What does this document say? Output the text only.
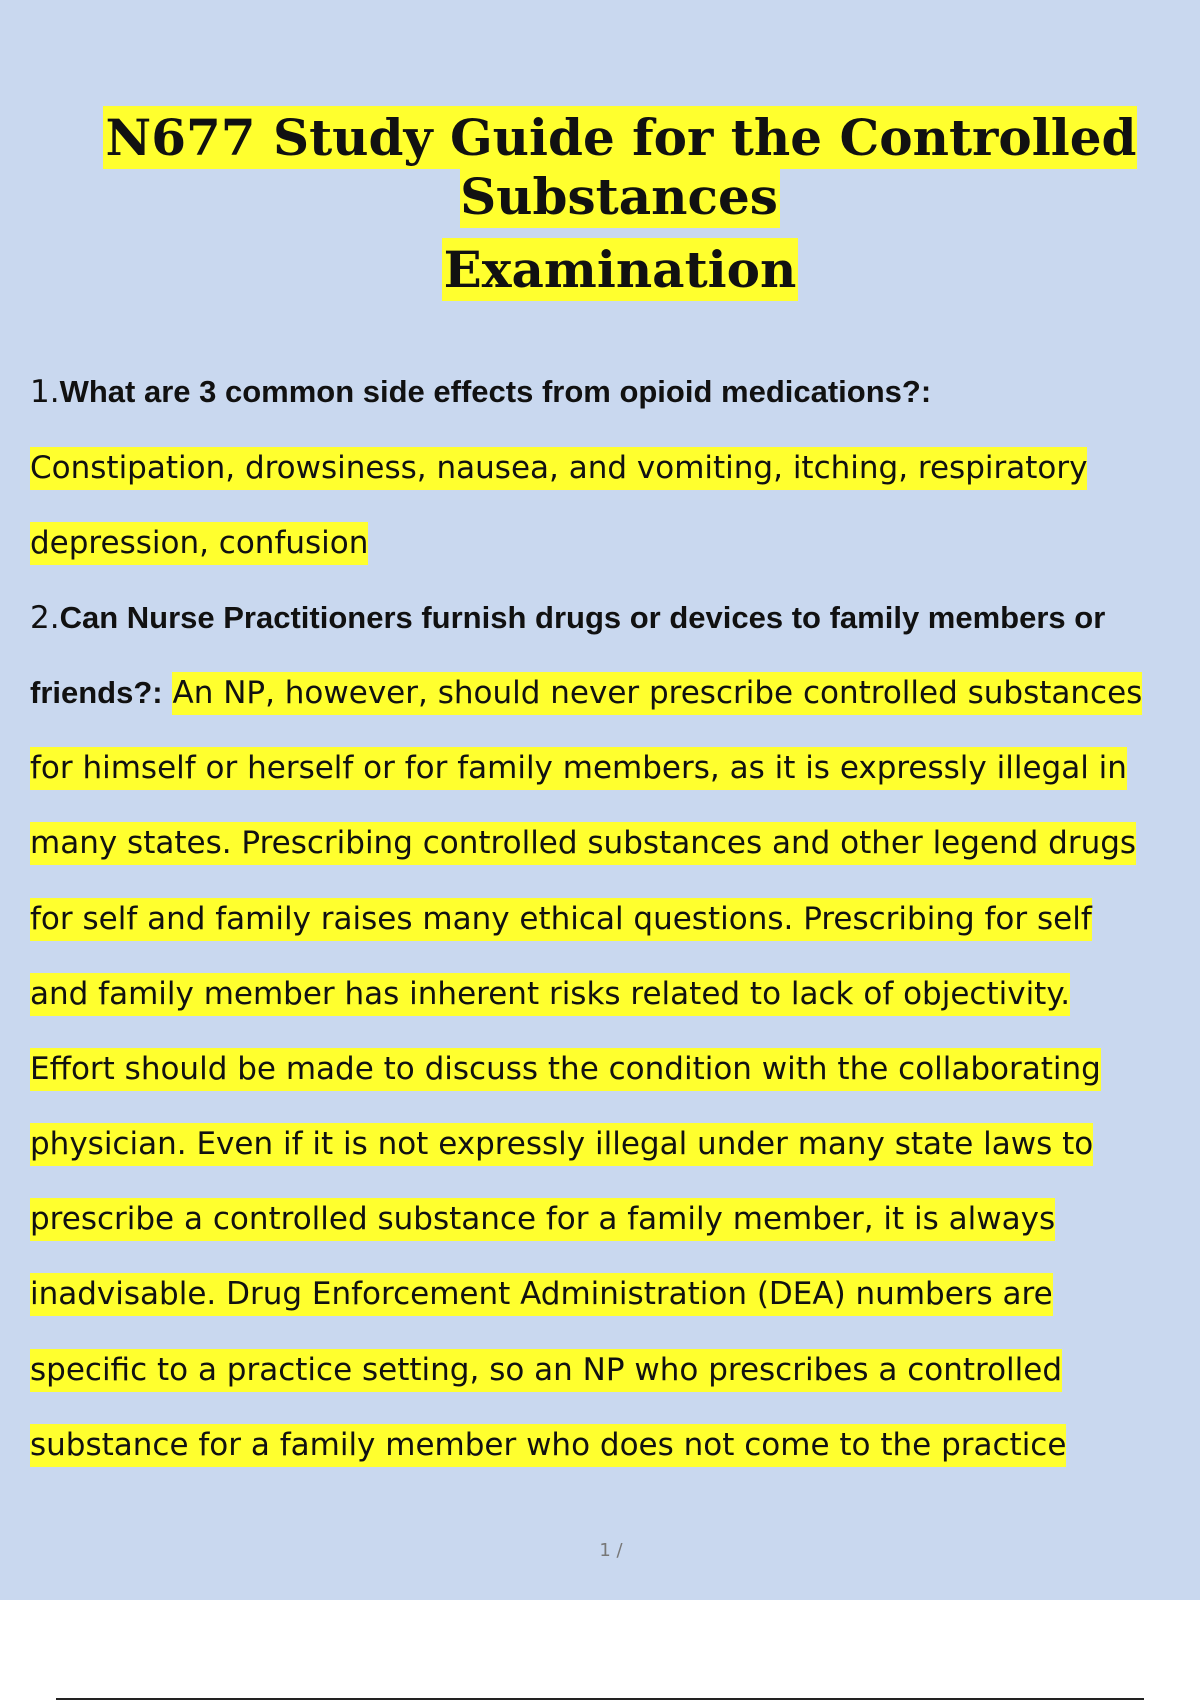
N677 Study Guide for the Controlled Substances
Examination
1.What are 3 common side effects from opioid medications?:
Constipation, drowsiness, nausea, and vomiting, itching, respiratory
depression, confusion
2.Can Nurse Practitioners furnish drugs or devices to family members or
friends?: An NP, however, should never prescribe controlled substances
for himself or herself or for family members, as it is expressly illegal in
many states. Prescribing controlled substances and other legend drugs
for self and family raises many ethical questions. Prescribing for self
and family member has inherent risks related to lack of objectivity.
Effort should be made to discuss the condition with the collaborating
physician. Even if it is not expressly illegal under many state laws to
prescribe a controlled substance for a family member, it is always
inadvisable. Drug Enforcement Administration (DEA) numbers are
specific to a practice setting, so an NP who prescribes a controlled
substance for a family member who does not come to the practice
1 /
